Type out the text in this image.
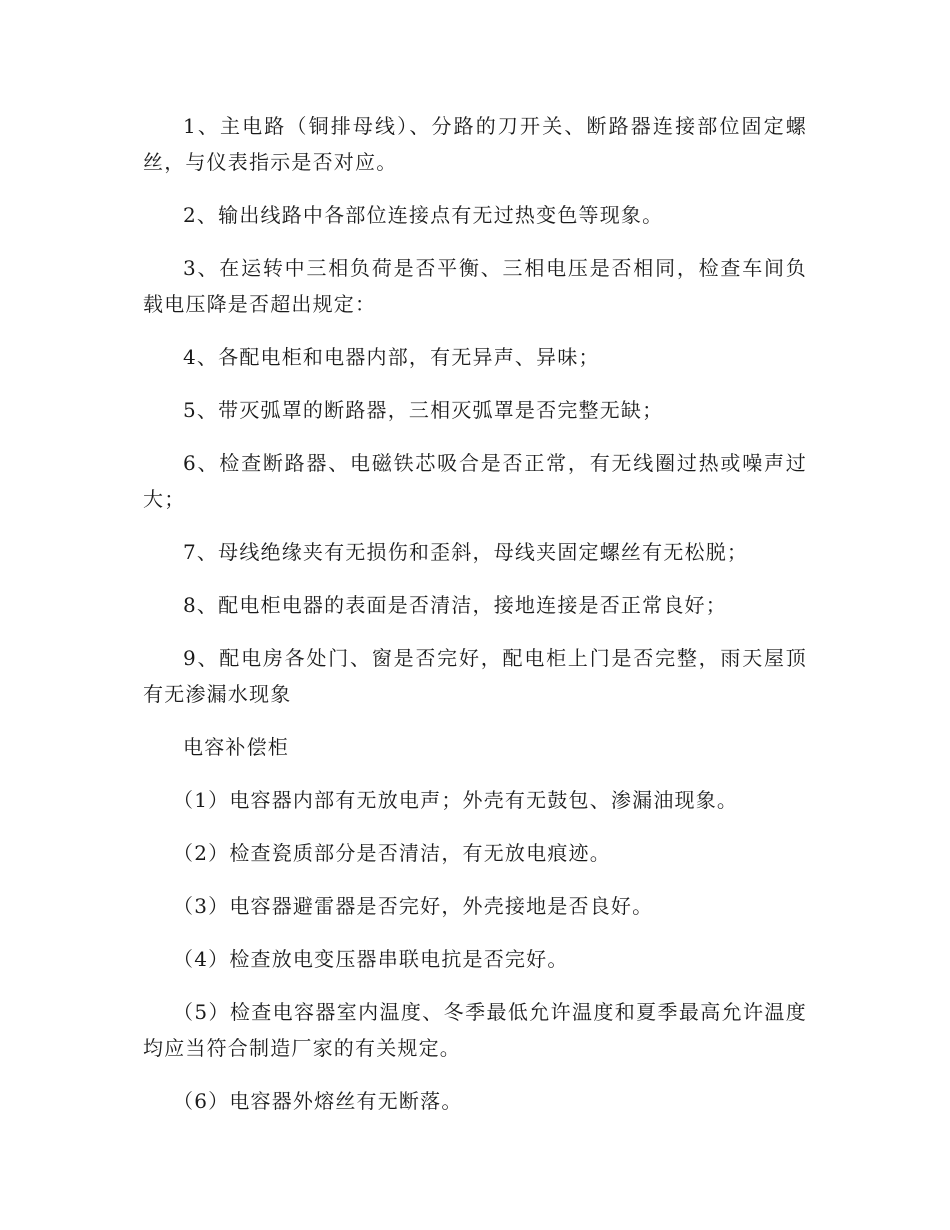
1、主电路（铜排母线）、分路的刀开关、断路器连接部位固定螺丝，与仪表指示是否对应。

2、输出线路中各部位连接点有无过热变色等现象。

3、在运转中三相负荷是否平衡、三相电压是否相同，检查车间负载电压降是否超出规定：

4、各配电柜和电器内部，有无异声、异味；

5、带灭弧罩的断路器，三相灭弧罩是否完整无缺；

6、检查断路器、电磁铁芯吸合是否正常，有无线圈过热或噪声过大；

7、母线绝缘夹有无损伤和歪斜，母线夹固定螺丝有无松脱；

8、配电柜电器的表面是否清洁，接地连接是否正常良好；

9、配电房各处门、窗是否完好，配电柜上门是否完整，雨天屋顶有无渗漏水现象

电容补偿柜

（1）电容器内部有无放电声；外壳有无鼓包、渗漏油现象。

（2）检查瓷质部分是否清洁，有无放电痕迹。

（3）电容器避雷器是否完好，外壳接地是否良好。

（4）检查放电变压器串联电抗是否完好。

（5）检查电容器室内温度、冬季最低允许温度和夏季最高允许温度均应当符合制造厂家的有关规定。

（6）电容器外熔丝有无断落。
